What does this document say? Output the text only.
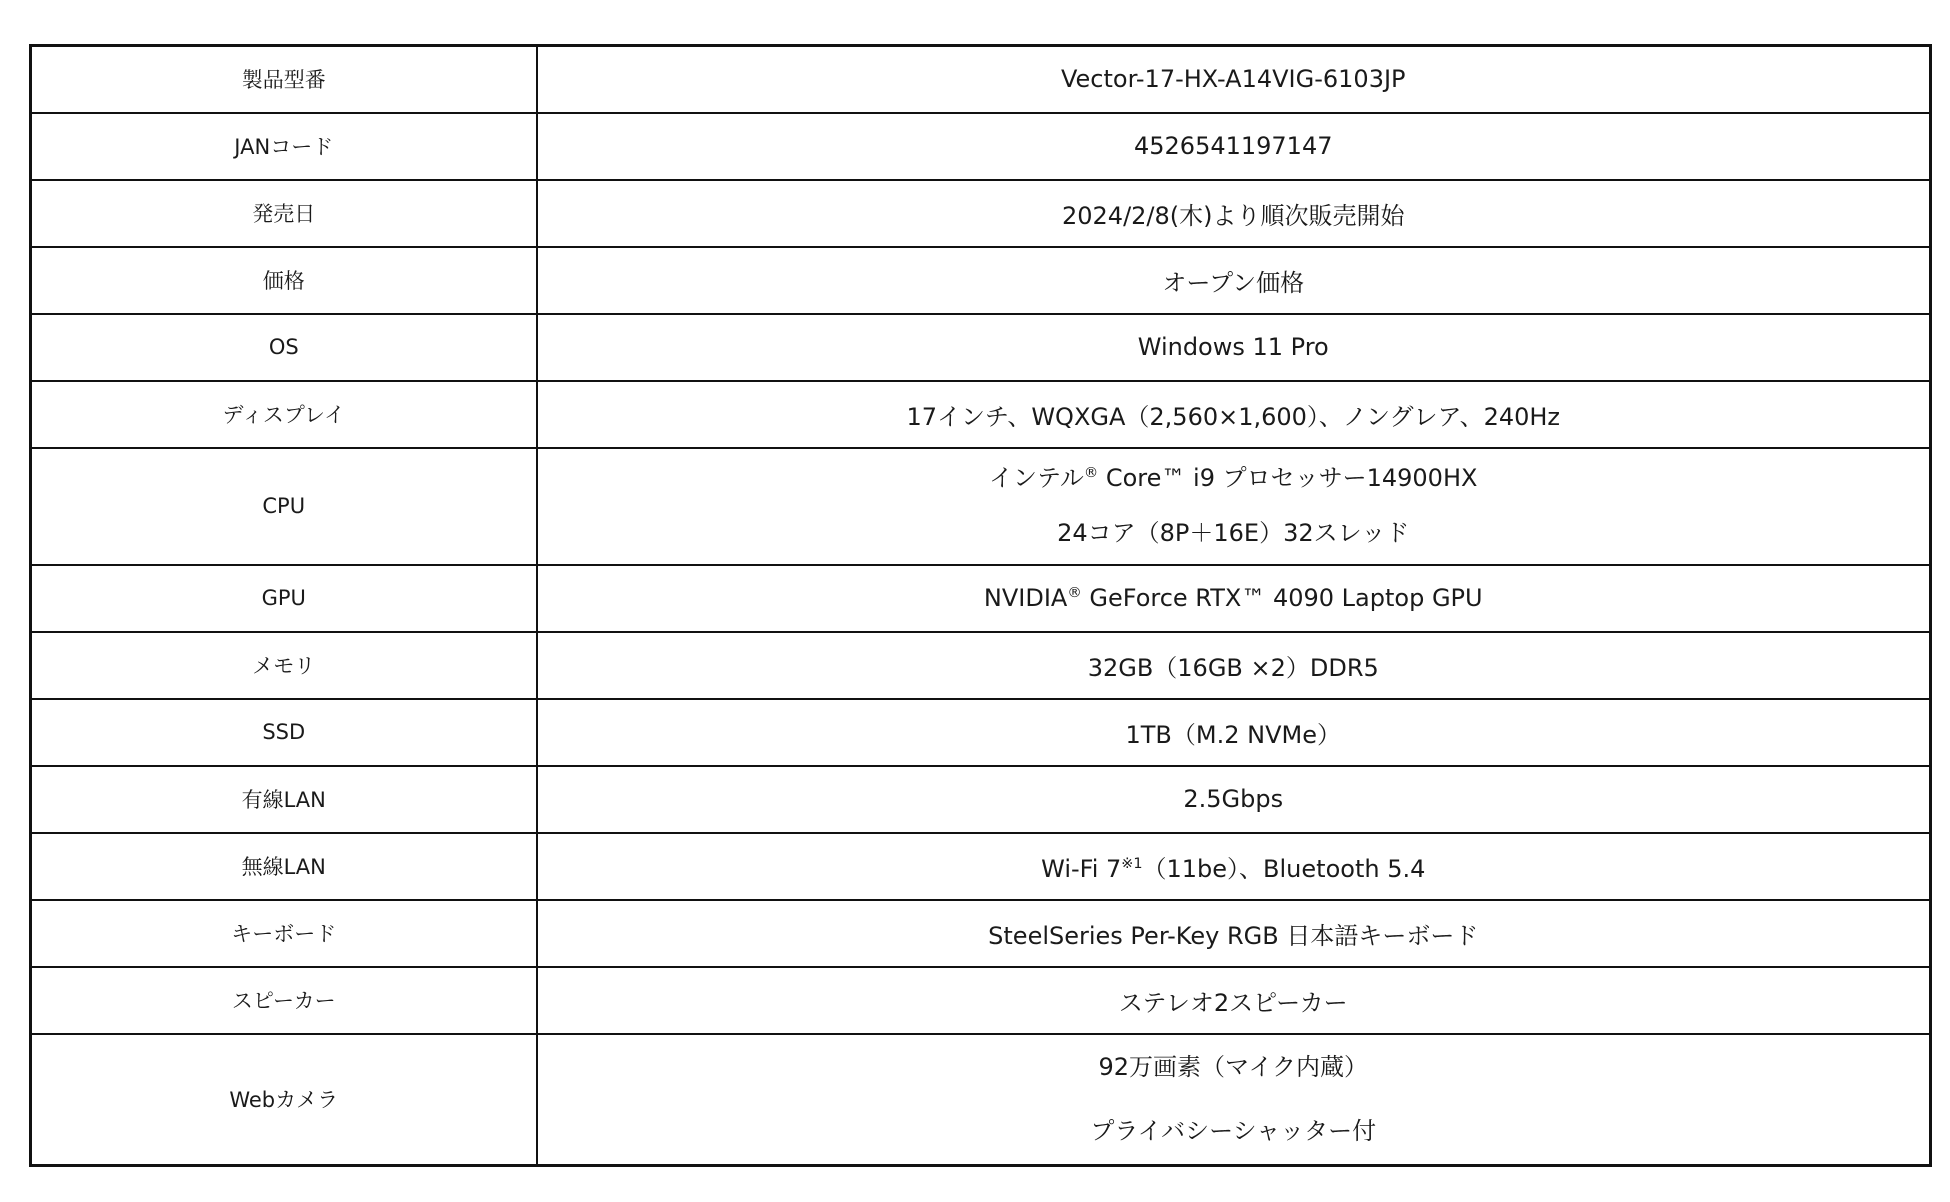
製品型番	Vector-17-HX-A14VIG-6103JP
JANコード	4526541197147
発売日	2024/2/8(木)より順次販売開始
価格	オープン価格
OS	Windows 11 Pro
ディスプレイ	17インチ、WQXGA（2,560×1,600）、ノングレア、240Hz
CPU	インテル® Core™ i9 プロセッサー14900HX
24コア（8P＋16E）32スレッド

GPU	NVIDIA® GeForce RTX™ 4090 Laptop GPU
メモリ	32GB（16GB ×2）DDR5
SSD	1TB（M.2 NVMe）
有線LAN	2.5Gbps
無線LAN	Wi-Fi 7$^{※1}$（11be）、Bluetooth 5.4
キーボード	SteelSeries Per-Key RGB 日本語キーボード
スピーカー	ステレオ2スピーカー
Webカメラ	92万画素（マイク内蔵）
プライバシーシャッター付
